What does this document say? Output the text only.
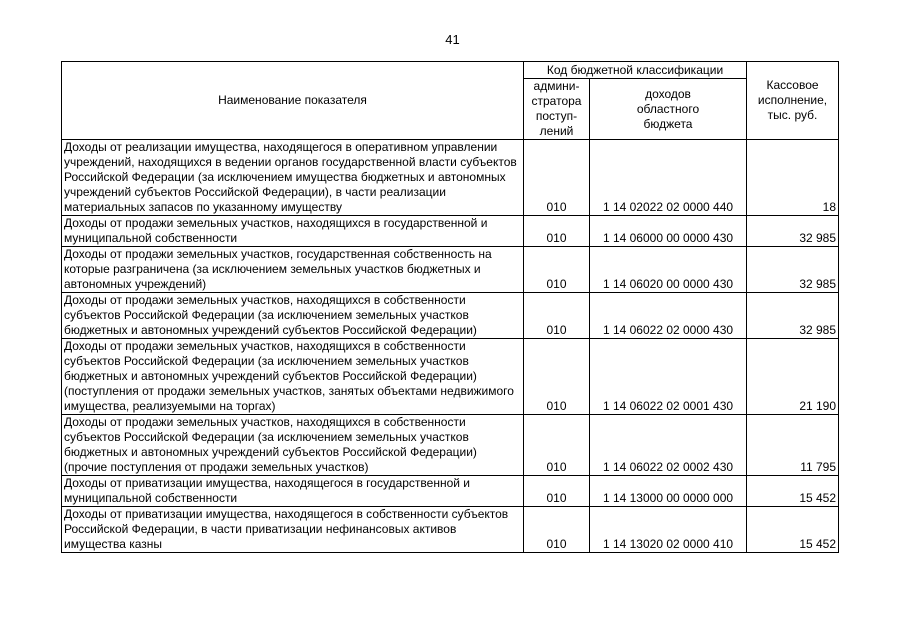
41
Наименование показателя	Код бюджетной классификации		Кассовое
исполнение,
тыс. руб.
	админи-
стратора
поступ-
лений	доходов
областного
бюджета	
Доходы от реализации имущества, находящегося в оперативном управлении учреждений, находящихся в ведении органов государственной власти субъектов Российской Федерации (за исключением имущества бюджетных и автономных учреждений субъектов Российской Федерации), в части реализации материальных запасов по указанному имуществу	010	1 14 02022 02 0000 440	18
Доходы от продажи земельных участков, находящихся в государственной и муниципальной собственности	010	1 14 06000 00 0000 430	32 985
Доходы от продажи земельных участков, государственная собственность на которые разграничена (за исключением земельных участков бюджетных и автономных учреждений)	010	1 14 06020 00 0000 430	32 985
Доходы от продажи земельных участков, находящихся в собственности субъектов Российской Федерации (за исключением земельных участков бюджетных и автономных учреждений субъектов Российской Федерации)	010	1 14 06022 02 0000 430	32 985
Доходы от продажи земельных участков, находящихся в собственности субъектов Российской Федерации (за исключением земельных участков бюджетных и автономных учреждений субъектов Российской Федерации) (поступления от продажи земельных участков, занятых объектами недвижимого имущества, реализуемыми на торгах)	010	1 14 06022 02 0001 430	21 190
Доходы от продажи земельных участков, находящихся в собственности субъектов Российской Федерации (за исключением земельных участков бюджетных и автономных учреждений субъектов Российской Федерации) (прочие поступления от продажи земельных участков)	010	1 14 06022 02 0002 430	11 795
Доходы от приватизации имущества, находящегося в государственной и муниципальной собственности	010	1 14 13000 00 0000 000	15 452
Доходы от приватизации имущества, находящегося в собственности субъектов Российской Федерации, в части приватизации нефинансовых активов имущества казны	010	1 14 13020 02 0000 410	15 452
